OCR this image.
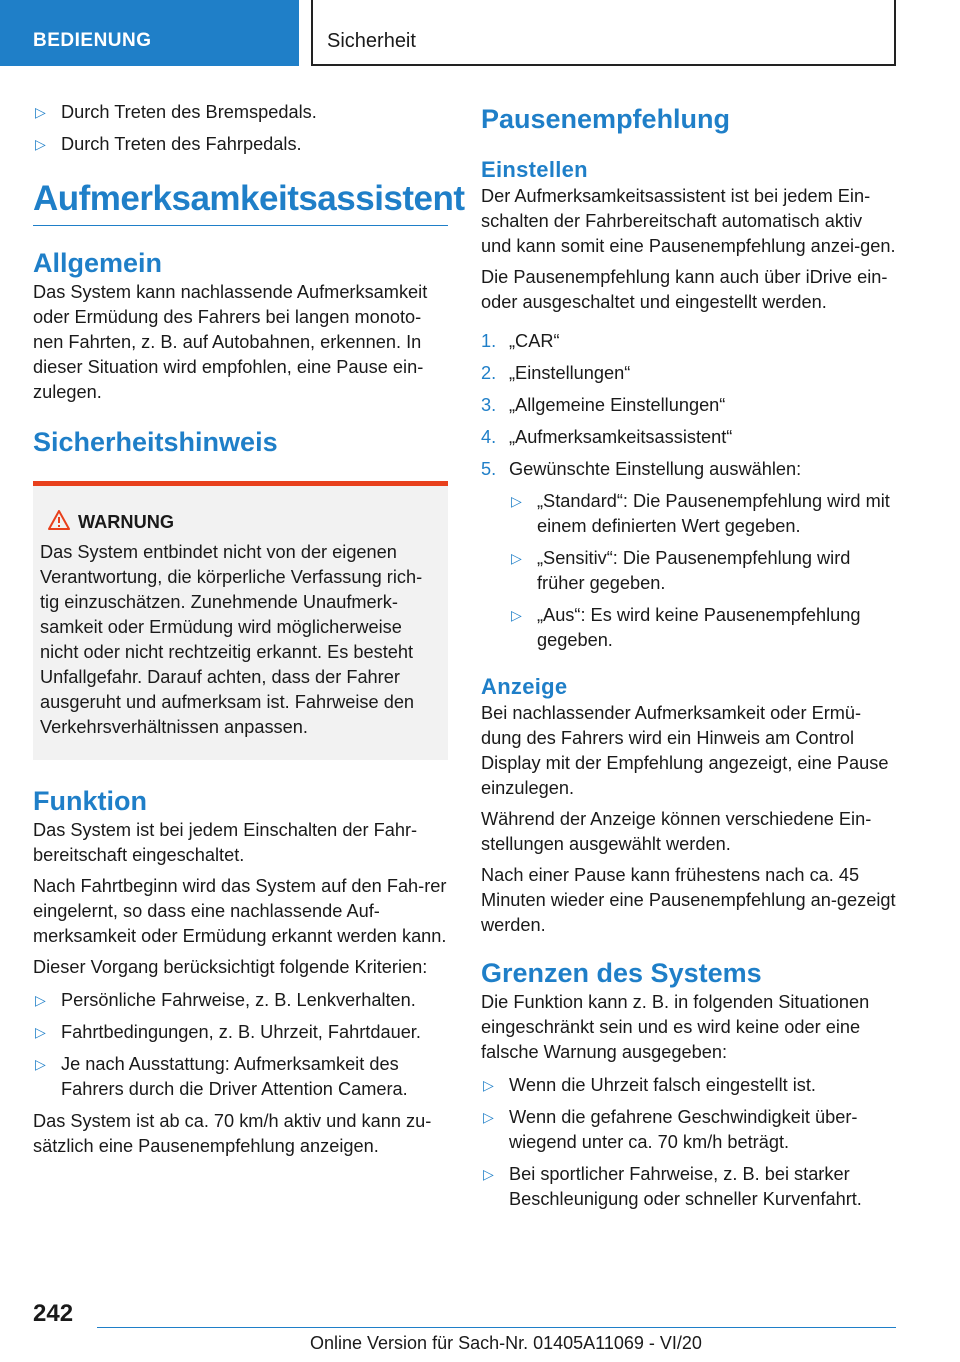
BEDIENUNG	Sicherheit
▷ Durch Treten des Bremspedals.
▷ Durch Treten des Fahrpedals.
Aufmerksamkeitsassistent
Allgemein

Das System kann nachlassende Aufmerksamkeit oder Ermüdung des Fahrers bei langen monoto-nen Fahrten, z. B. auf Autobahnen, erkennen. In dieser Situation wird empfohlen, eine Pause ein-zulegen.

Sicherheitshinweis
WARNUNG

Das System entbindet nicht von der eigenen Verantwortung, die körperliche Verfassung rich-tig einzuschätzen. Zunehmende Unaufmerk-samkeit oder Ermüdung wird möglicherweise nicht oder nicht rechtzeitig erkannt. Es besteht Unfallgefahr. Darauf achten, dass der Fahrer ausgeruht und aufmerksam ist. Fahrweise den Verkehrsverhältnissen anpassen.

Funktion

Das System ist bei jedem Einschalten der Fahr-bereitschaft eingeschaltet.

Nach Fahrtbeginn wird das System auf den Fah-rer eingelernt, so dass eine nachlassende Auf-merksamkeit oder Ermüdung erkannt werden kann.

Dieser Vorgang berücksichtigt folgende Kriterien:

▷ Persönliche Fahrweise, z. B. Lenkverhalten.
▷ Fahrtbedingungen, z. B. Uhrzeit, Fahrtdauer.
▷ Je nach Ausstattung: Aufmerksamkeit des Fahrers durch die Driver Attention Camera.

Das System ist ab ca. 70 km/h aktiv und kann zu-sätzlich eine Pausenempfehlung anzeigen.

Pausenempfehlung
Einstellen

Der Aufmerksamkeitsassistent ist bei jedem Ein-schalten der Fahrbereitschaft automatisch aktiv und kann somit eine Pausenempfehlung anzei-gen.

Die Pausenempfehlung kann auch über iDrive ein- oder ausgeschaltet und eingestellt werden.

1. „CAR“
2. „Einstellungen“
3. „Allgemeine Einstellungen“
4. „Aufmerksamkeitsassistent“
5. Gewünschte Einstellung auswählen:
▷ „Standard“: Die Pausenempfehlung wird mit einem definierten Wert gegeben.
▷ „Sensitiv“: Die Pausenempfehlung wird früher gegeben.
▷ „Aus“: Es wird keine Pausenempfehlung gegeben.
Anzeige

Bei nachlassender Aufmerksamkeit oder Ermü-dung des Fahrers wird ein Hinweis am Control Display mit der Empfehlung angezeigt, eine Pause einzulegen.

Während der Anzeige können verschiedene Ein-stellungen ausgewählt werden.

Nach einer Pause kann frühestens nach ca. 45 Minuten wieder eine Pausenempfehlung an-gezeigt werden.

Grenzen des Systems

Die Funktion kann z. B. in folgenden Situationen eingeschränkt sein und es wird keine oder eine falsche Warnung ausgegeben:

▷ Wenn die Uhrzeit falsch eingestellt ist.
▷ Wenn die gefahrene Geschwindigkeit über-wiegend unter ca. 70 km/h beträgt.
▷ Bei sportlicher Fahrweise, z. B. bei starker Beschleunigung oder schneller Kurvenfahrt.
242
Online Version für Sach-Nr. 01405A11069 - VI/20
